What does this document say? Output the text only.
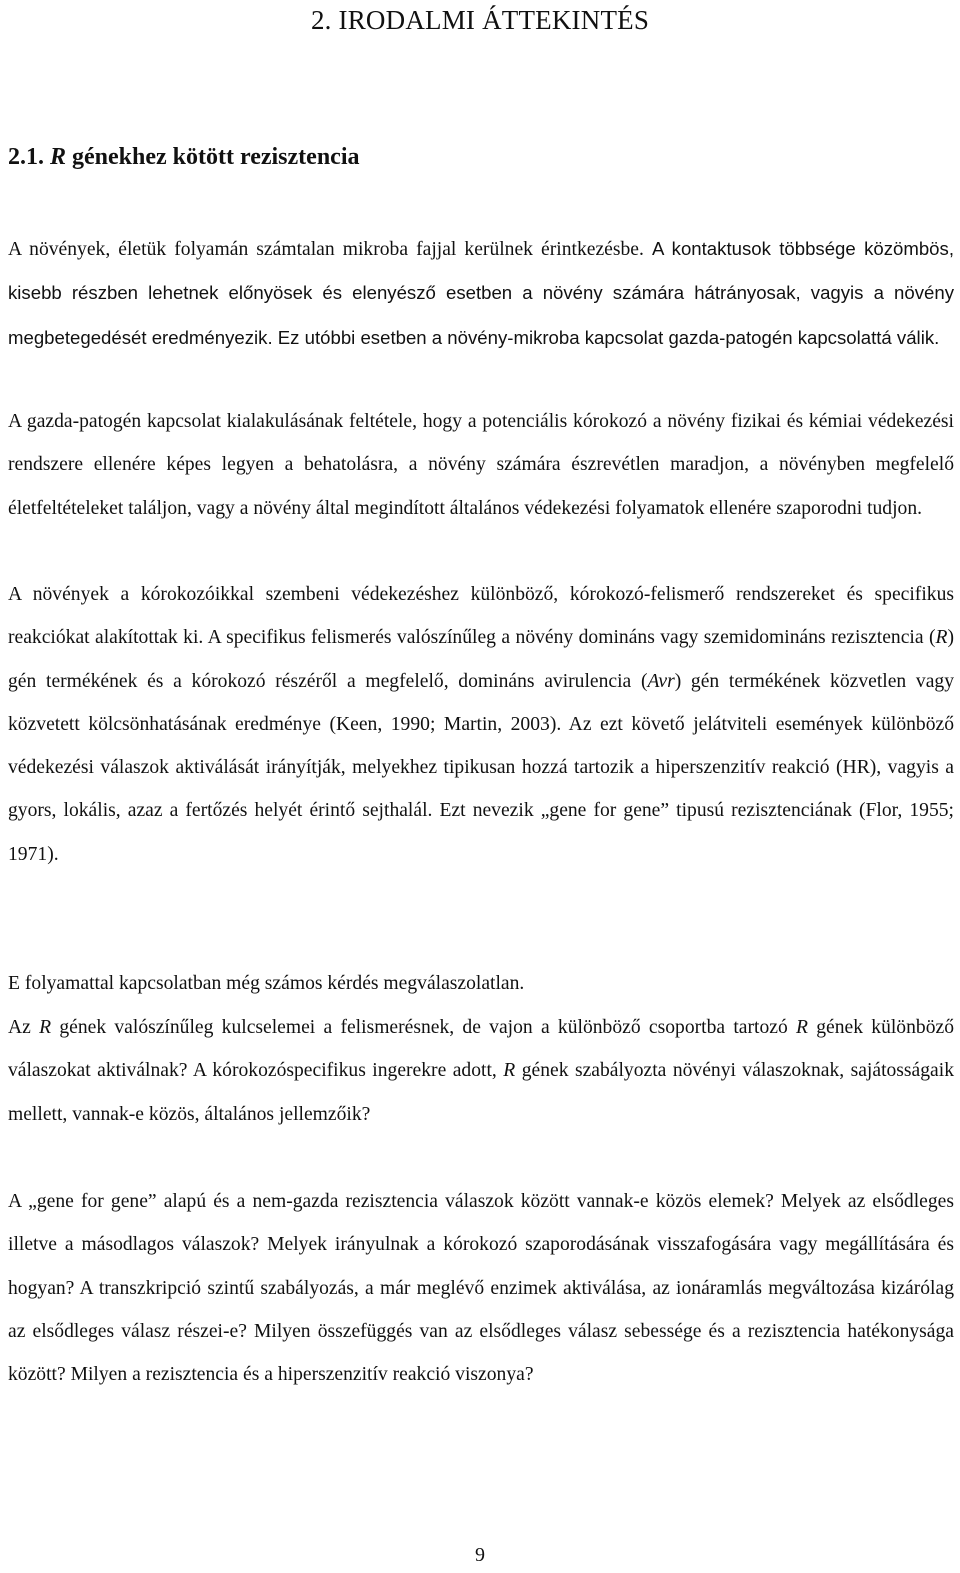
2. IRODALMI ÁTTEKINTÉS
2.1. R génekhez kötött rezisztencia

A növények, életük folyamán számtalan mikroba fajjal kerülnek érintkezésbe. A kontaktusok többsége közömbös, kisebb részben lehetnek előnyösek és elenyésző esetben a növény számára hátrányosak, vagyis a növény megbetegedését eredményezik. Ez utóbbi esetben a növény-mikroba kapcsolat gazda-patogén kapcsolattá válik.

A gazda-patogén kapcsolat kialakulásának feltétele, hogy a potenciális kórokozó a növény fizikai és kémiai védekezési rendszere ellenére képes legyen a behatolásra, a növény számára észrevétlen maradjon, a növényben megfelelő életfeltételeket találjon, vagy a növény által megindított általános védekezési folyamatok ellenére szaporodni tudjon.

A növények a kórokozóikkal szembeni védekezéshez különböző, kórokozó-felismerő rendszereket és specifikus reakciókat alakítottak ki. A specifikus felismerés valószínűleg a növény domináns vagy szemidomináns rezisztencia (R) gén termékének és a kórokozó részéről a megfelelő, domináns avirulencia (Avr) gén termékének közvetlen vagy közvetett kölcsönhatásának eredménye (Keen, 1990; Martin, 2003). Az ezt követő jelátviteli események különböző védekezési válaszok aktiválását irányítják, melyekhez tipikusan hozzá tartozik a hiperszenzitív reakció (HR), vagyis a gyors, lokális, azaz a fertőzés helyét érintő sejthalál. Ezt nevezik „gene for gene” tipusú rezisztenciának (Flor, 1955; 1971).

E folyamattal kapcsolatban még számos kérdés megválaszolatlan.

Az R gének valószínűleg kulcselemei a felismerésnek, de vajon a különböző csoportba tartozó R gének különböző válaszokat aktiválnak? A kórokozóspecifikus ingerekre adott, R gének szabályozta növényi válaszoknak, sajátosságaik mellett, vannak-e közös, általános jellemzőik?

A „gene for gene” alapú és a nem-gazda rezisztencia válaszok között vannak-e közös elemek? Melyek az elsődleges illetve a másodlagos válaszok? Melyek irányulnak a kórokozó szaporodásának visszafogására vagy megállítására és hogyan? A transzkripció szintű szabályozás, a már meglévő enzimek aktiválása, az ionáramlás megváltozása kizárólag az elsődleges válasz részei-e? Milyen összefüggés van az elsődleges válasz sebessége és a rezisztencia hatékonysága között? Milyen a rezisztencia és a hiperszenzitív reakció viszonya?

9
